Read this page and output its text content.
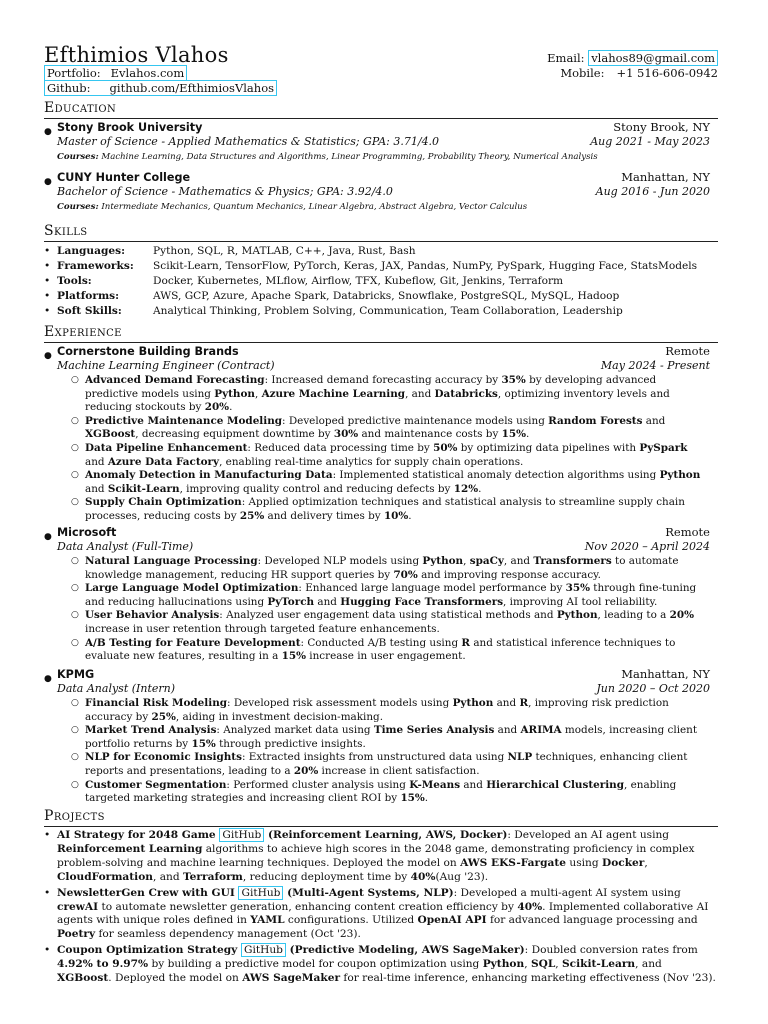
Efthimios Vlahos
Portfolio: Evlahos.com
Github: github.com/EfthimiosVlahos
Email: vlahos89@gmail.com
Mobile: +1 516-606-0942
Education
● Stony Brook University	Stony Brook, NY
Master of Science - Applied Mathematics & Statistics; GPA: 3.71/4.0	Aug 2021 - May 2023
Courses: Machine Learning, Data Structures and Algorithms, Linear Programming, Probability Theory, Numerical Analysis
● CUNY Hunter College	Manhattan, NY
Bachelor of Science - Mathematics & Physics; GPA: 3.92/4.0	Aug 2016 - Jun 2020
Courses: Intermediate Mechanics, Quantum Mechanics, Linear Algebra, Abstract Algebra, Vector Calculus
Skills
• Languages:	Python, SQL, R, MATLAB, C++, Java, Rust, Bash
• Frameworks:	Scikit-Learn, TensorFlow, PyTorch, Keras, JAX, Pandas, NumPy, PySpark, Hugging Face, StatsModels
• Tools:	Docker, Kubernetes, MLflow, Airflow, TFX, Kubeflow, Git, Jenkins, Terraform
• Platforms:	AWS, GCP, Azure, Apache Spark, Databricks, Snowflake, PostgreSQL, MySQL, Hadoop
• Soft Skills:	Analytical Thinking, Problem Solving, Communication, Team Collaboration, Leadership
Experience
● Cornerstone Building Brands	Remote
Machine Learning Engineer (Contract)	May 2024 - Present
○ Advanced Demand Forecasting: Increased demand forecasting accuracy by 35% by developing advanced predictive models using Python, Azure Machine Learning, and Databricks, optimizing inventory levels and reducing stockouts by 20%.
○ Predictive Maintenance Modeling: Developed predictive maintenance models using Random Forests and XGBoost, decreasing equipment downtime by 30% and maintenance costs by 15%.
○ Data Pipeline Enhancement: Reduced data processing time by 50% by optimizing data pipelines with PySpark and Azure Data Factory, enabling real-time analytics for supply chain operations.
○ Anomaly Detection in Manufacturing Data: Implemented statistical anomaly detection algorithms using Python and Scikit-Learn, improving quality control and reducing defects by 12%.
○ Supply Chain Optimization: Applied optimization techniques and statistical analysis to streamline supply chain processes, reducing costs by 25% and delivery times by 10%.
● Microsoft	Remote
Data Analyst (Full-Time)	Nov 2020 – April 2024
○ Natural Language Processing: Developed NLP models using Python, spaCy, and Transformers to automate knowledge management, reducing HR support queries by 70% and improving response accuracy.
○ Large Language Model Optimization: Enhanced large language model performance by 35% through fine-tuning and reducing hallucinations using PyTorch and Hugging Face Transformers, improving AI tool reliability.
○ User Behavior Analysis: Analyzed user engagement data using statistical methods and Python, leading to a 20% increase in user retention through targeted feature enhancements.
○ A/B Testing for Feature Development: Conducted A/B testing using R and statistical inference techniques to evaluate new features, resulting in a 15% increase in user engagement.
● KPMG	Manhattan, NY
Data Analyst (Intern)	Jun 2020 – Oct 2020
○ Financial Risk Modeling: Developed risk assessment models using Python and R, improving risk prediction accuracy by 25%, aiding in investment decision-making.
○ Market Trend Analysis: Analyzed market data using Time Series Analysis and ARIMA models, increasing client portfolio returns by 15% through predictive insights.
○ NLP for Economic Insights: Extracted insights from unstructured data using NLP techniques, enhancing client reports and presentations, leading to a 20% increase in client satisfaction.
○ Customer Segmentation: Performed cluster analysis using K-Means and Hierarchical Clustering, enabling targeted marketing strategies and increasing client ROI by 15%.
Projects
• AI Strategy for 2048 Game GitHub (Reinforcement Learning, AWS, Docker): Developed an AI agent using Reinforcement Learning algorithms to achieve high scores in the 2048 game, demonstrating proficiency in complex problem-solving and machine learning techniques. Deployed the model on AWS EKS-Fargate using Docker, CloudFormation, and Terraform, reducing deployment time by 40%(Aug '23).
• NewsletterGen Crew with GUI GitHub (Multi-Agent Systems, NLP): Developed a multi-agent AI system using crewAI to automate newsletter generation, enhancing content creation efficiency by 40%. Implemented collaborative AI agents with unique roles defined in YAML configurations. Utilized OpenAI API for advanced language processing and Poetry for seamless dependency management (Oct '23).
• Coupon Optimization Strategy GitHub (Predictive Modeling, AWS SageMaker): Doubled conversion rates from 4.92% to 9.97% by building a predictive model for coupon optimization using Python, SQL, Scikit-Learn, and XGBoost. Deployed the model on AWS SageMaker for real-time inference, enhancing marketing effectiveness (Nov '23).
